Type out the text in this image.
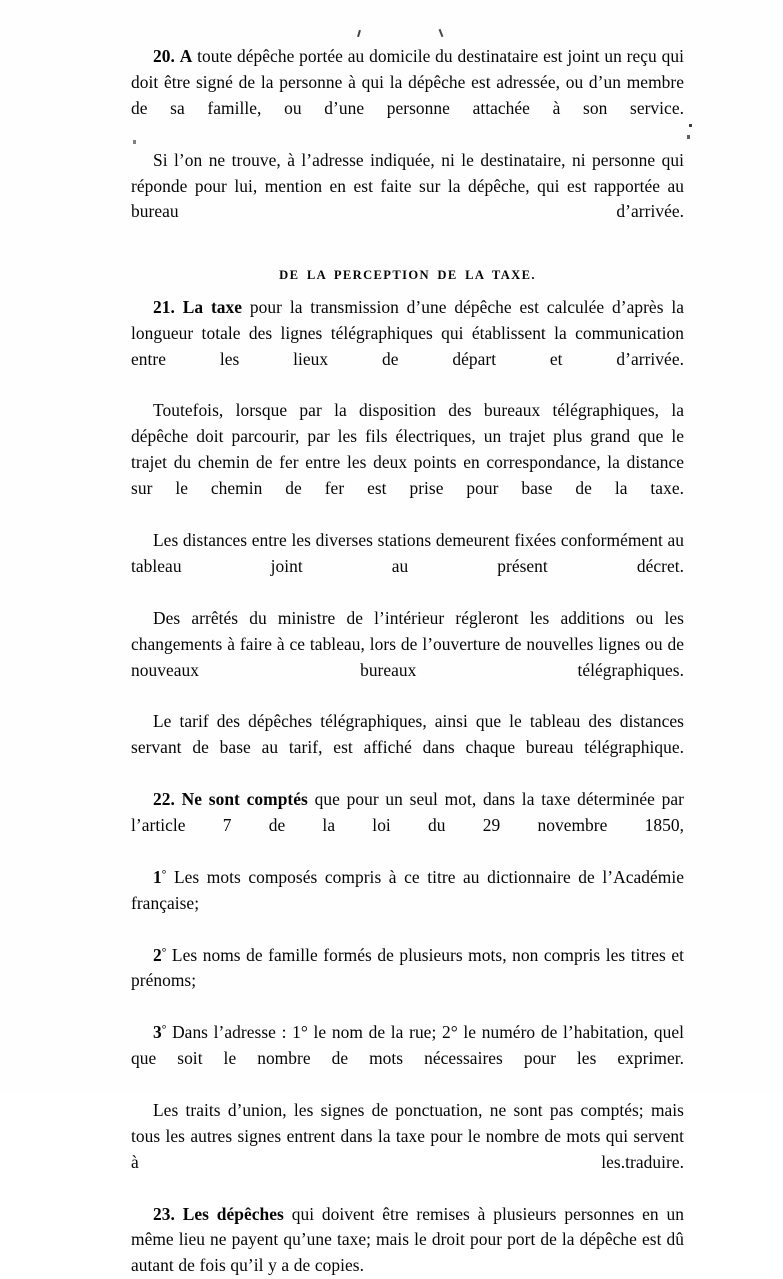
20. A toute dépêche portée au domicile du destinataire est joint un reçu qui doit être signé de la personne à qui la dépêche est adressée, ou d’un membre de sa famille, ou d’une personne attachée à son service.

Si l’on ne trouve, à l’adresse indiquée, ni le destinataire, ni personne qui réponde pour lui, mention en est faite sur la dépêche, qui est rapportée au bureau d’arrivée.

DE LA PERCEPTION DE LA TAXE.

21. La taxe pour la transmission d’une dépêche est calculée d’après la longueur totale des lignes télégraphiques qui établissent la communication entre les lieux de départ et d’arrivée.

Toutefois, lorsque par la disposition des bureaux télégraphiques, la dépêche doit parcourir, par les fils électriques, un trajet plus grand que le trajet du chemin de fer entre les deux points en correspondance, la distance sur le chemin de fer est prise pour base de la taxe.

Les distances entre les diverses stations demeurent fixées conformément au tableau joint au présent décret.

Des arrêtés du ministre de l’intérieur régleront les additions ou les changements à faire à ce tableau, lors de l’ouverture de nouvelles lignes ou de nouveaux bureaux télégraphiques.

Le tarif des dépêches télégraphiques, ainsi que le tableau des distances servant de base au tarif, est affiché dans chaque bureau télégraphique.

22. Ne sont comptés que pour un seul mot, dans la taxe déterminée par l’article 7 de la loi du 29 novembre 1850,

1° Les mots composés compris à ce titre au dictionnaire de l’Académie française;

2° Les noms de famille formés de plusieurs mots, non compris les titres et prénoms;

3° Dans l’adresse : 1° le nom de la rue; 2° le numéro de l’habitation, quel que soit le nombre de mots nécessaires pour les exprimer.

Les traits d’union, les signes de ponctuation, ne sont pas comptés; mais tous les autres signes entrent dans la taxe pour le nombre de mots qui servent à les.traduire.

23. Les dépêches qui doivent être remises à plusieurs personnes en un même lieu ne payent qu’une taxe; mais le droit pour port de la dépêche est dû autant de fois qu’il y a de copies.
